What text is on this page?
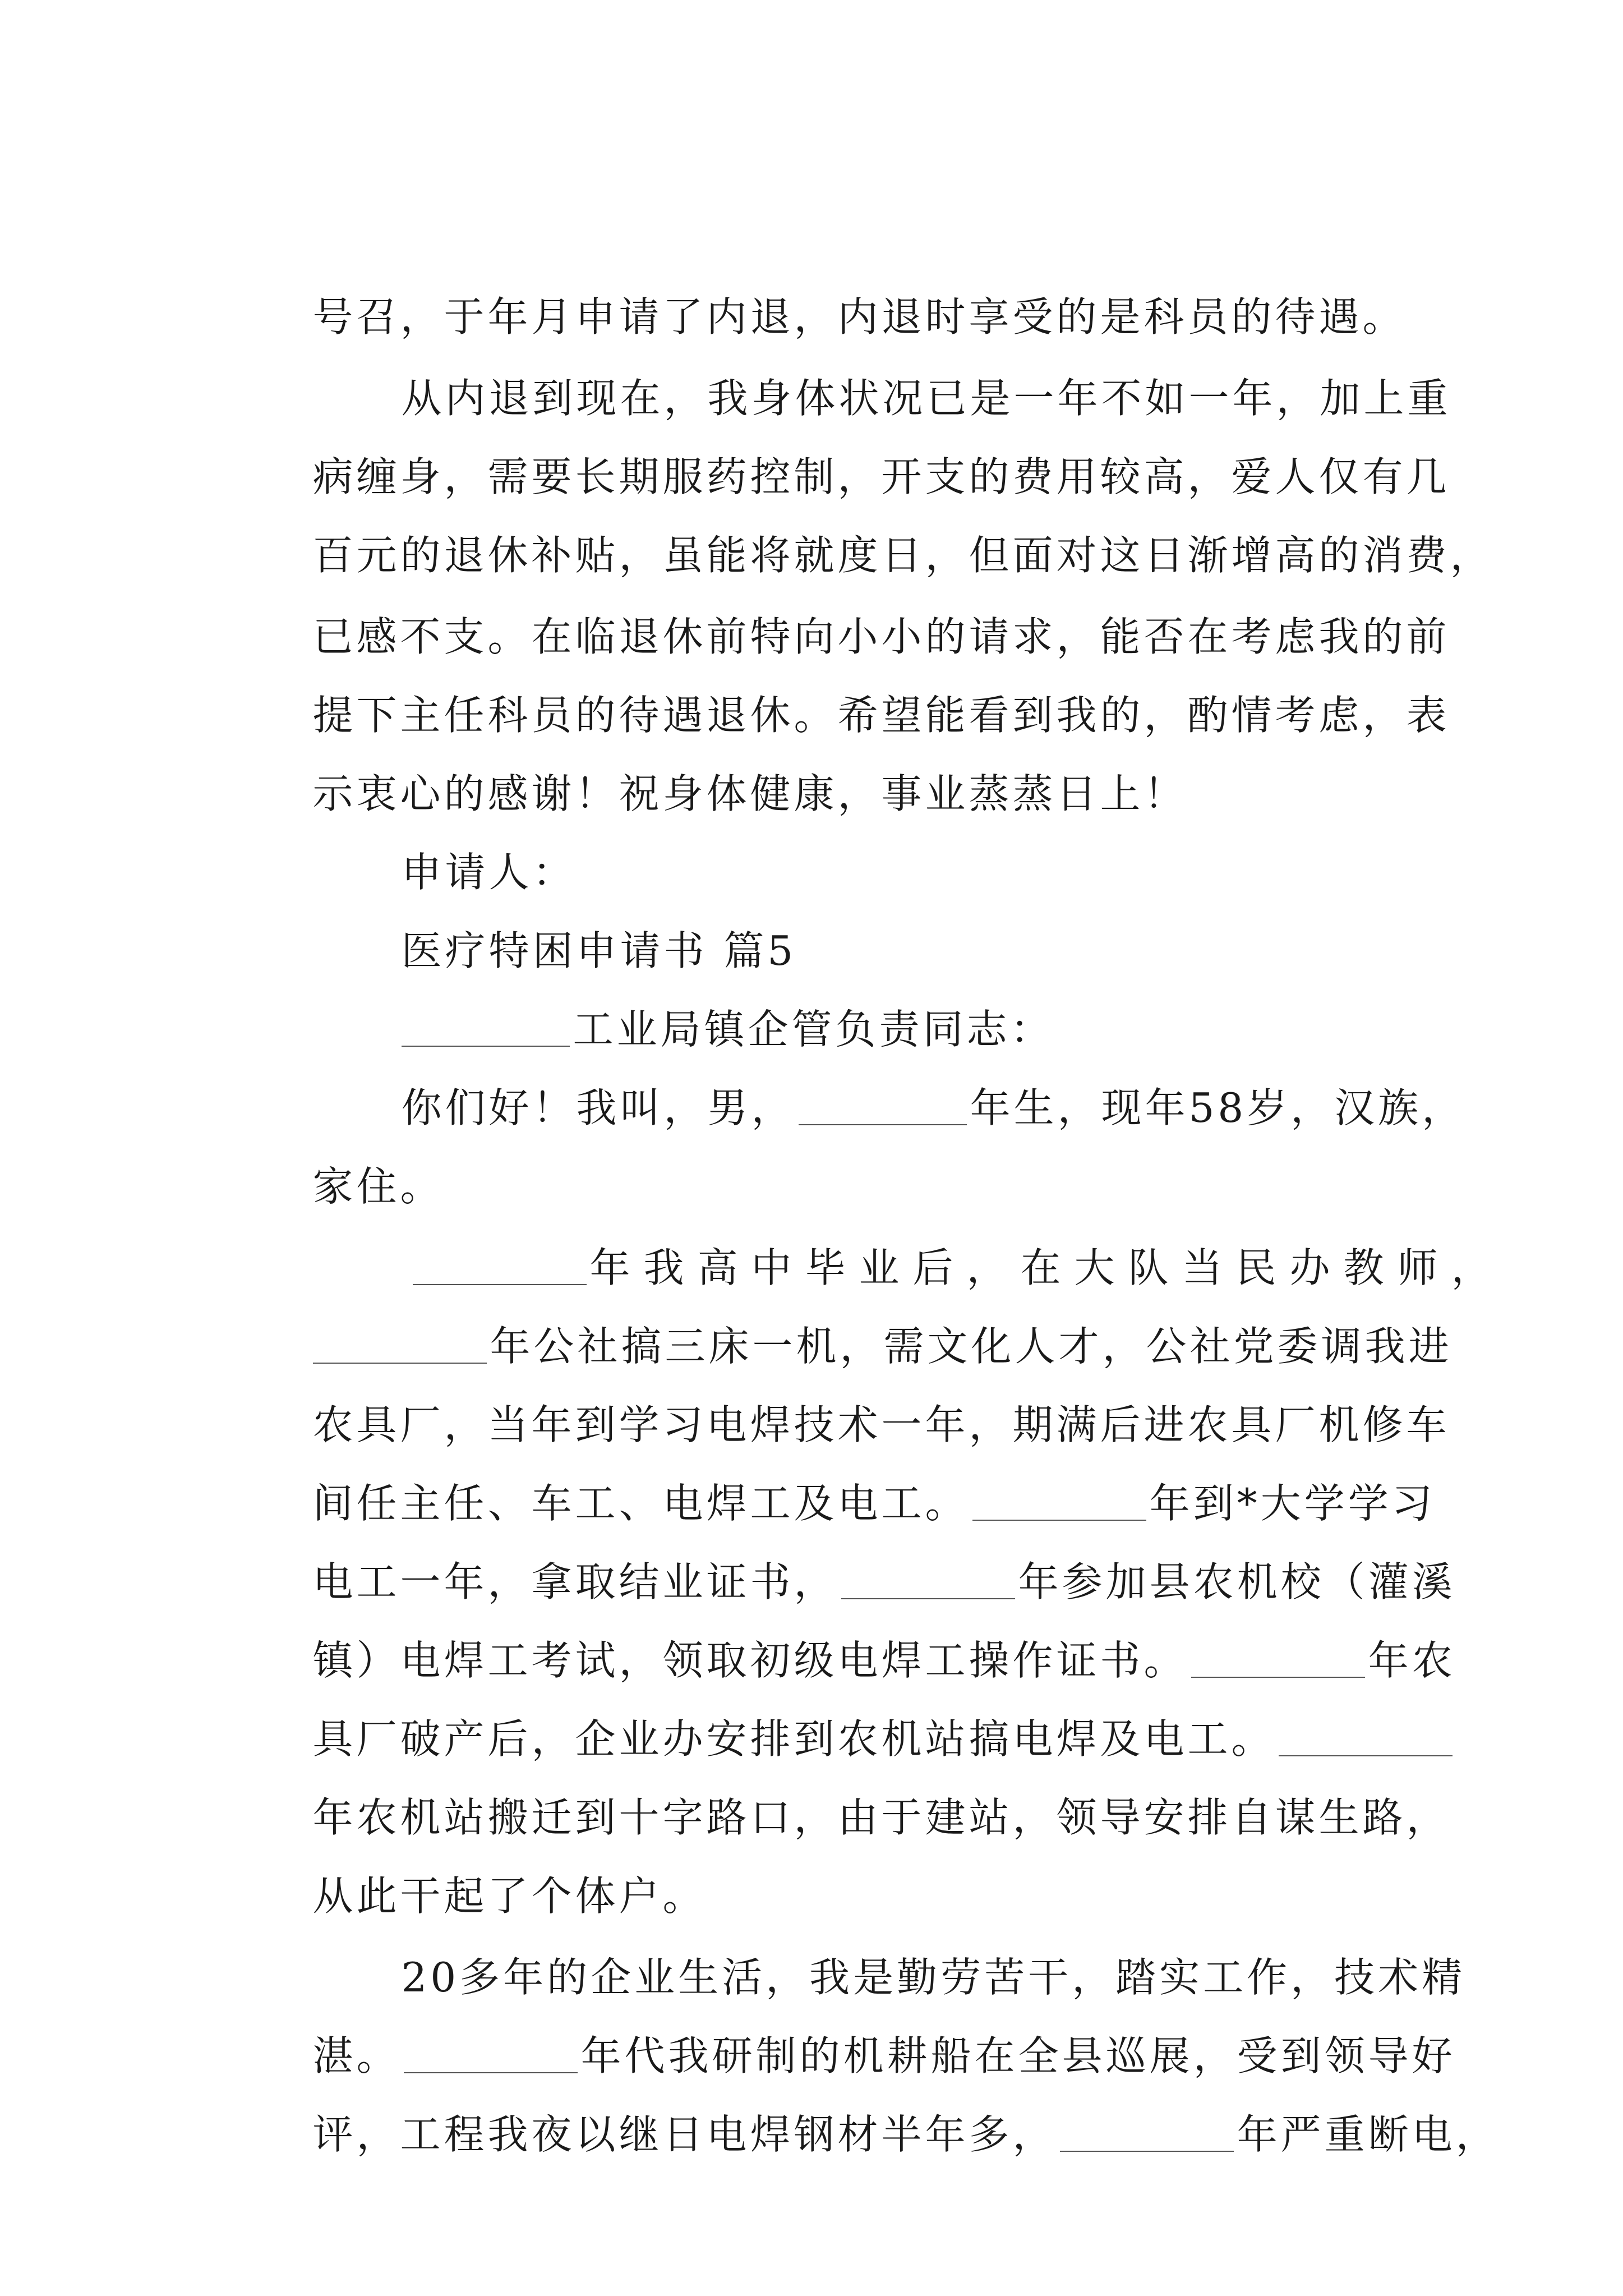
号召，于年月申请了内退，内退时享受的是科员的待遇。

从内退到现在，我身体状况已是一年不如一年，加上重

病缠身，需要长期服药控制，开支的费用较高，爱人仅有几

百元的退休补贴，虽能将就度日，但面对这日渐增高的消费，

已感不支。在临退休前特向小小的请求，能否在考虑我的前

提下主任科员的待遇退休。希望能看到我的，酌情考虑，表

示衷心的感谢！祝身体健康，事业蒸蒸日上！

申请人：

医疗特困申请书 篇5

工业局镇企管负责同志：

你们好！我叫，男，	年生，现年58岁，汉族，

家住。

年我高中毕业后，在大队当民办教师，

年公社搞三床一机，需文化人才，公社党委调我进

农具厂，当年到学习电焊技术一年，期满后进农具厂机修车

间任主任、车工、电焊工及电工。	年到*大学学习

电工一年，拿取结业证书，	年参加县农机校（灌溪

镇）电焊工考试，领取初级电焊工操作证书。	年农

具厂破产后，企业办安排到农机站搞电焊及电工。

年农机站搬迁到十字路口，由于建站，领导安排自谋生路，

从此干起了个体户。

20多年的企业生活，我是勤劳苦干，踏实工作，技术精

湛。	年代我研制的机耕船在全县巡展，受到领导好

评，工程我夜以继日电焊钢材半年多，	年严重断电，
